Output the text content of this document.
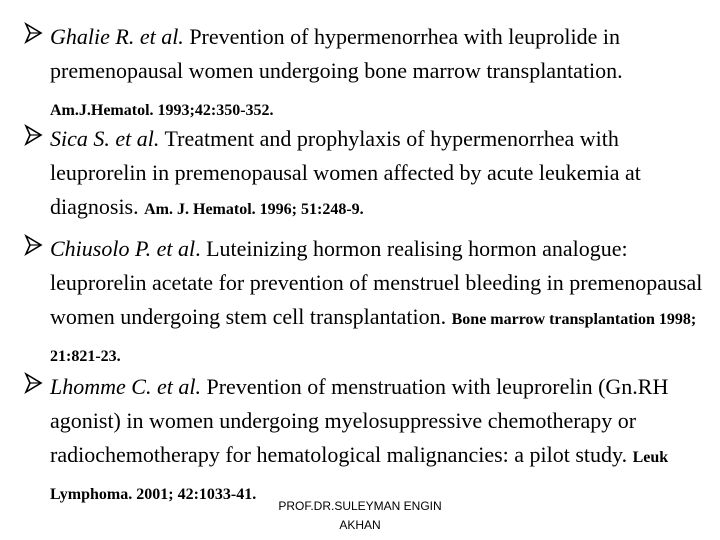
Ghalie R. et al. Prevention of hypermenorrhea with leuprolide in premenopausal women undergoing bone marrow transplantation.
Am.J.Hematol. 1993;42:350-352.
Sica S. et al. Treatment and prophylaxis of hypermenorrhea with leuprorelin in premenopausal women affected by acute leukemia at diagnosis. Am. J. Hematol. 1996; 51:248-9.
Chiusolo P. et al. Luteinizing hormon realising hormon analogue: leuprorelin acetate for prevention of menstruel bleeding in premenopausal women undergoing stem cell transplantation. Bone marrow transplantation 1998; 21:821-23.
Lhomme C. et al. Prevention of menstruation with leuprorelin (Gn.RH agonist) in women undergoing myelosuppressive chemotherapy or radiochemotherapy for hematological malignancies: a pilot study. Leuk Lymphoma. 2001; 42:1033-41.
PROF.DR.SULEYMAN ENGIN
AKHAN
